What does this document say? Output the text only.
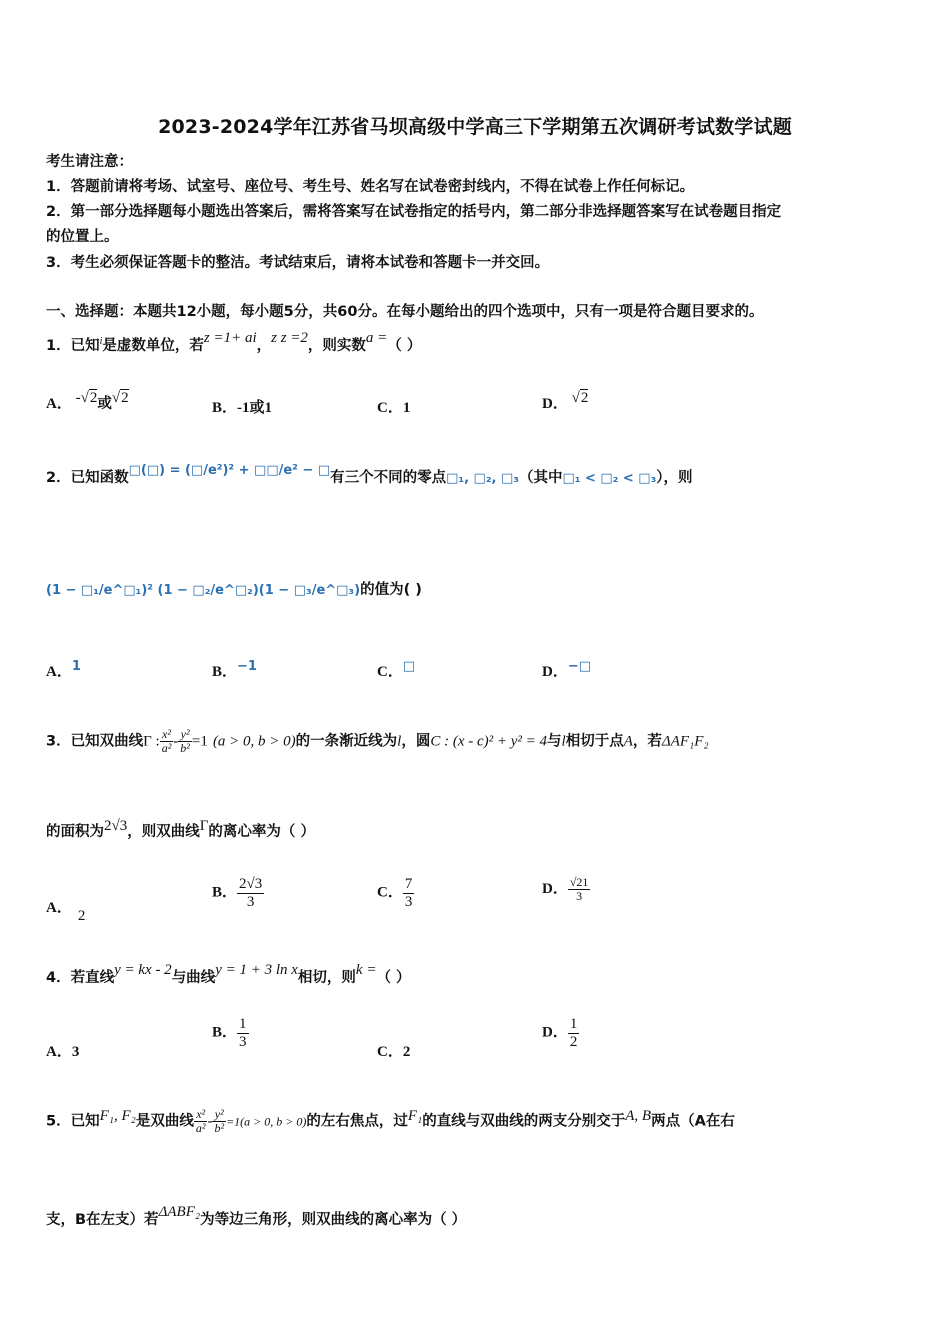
2023-2024学年江苏省马坝高级中学高三下学期第五次调研考试数学试题
考生请注意：
1．答题前请将考场、试室号、座位号、考生号、姓名写在试卷密封线内，不得在试卷上作任何标记。
2．第一部分选择题每小题选出答案后，需将答案写在试卷指定的括号内，第二部分非选择题答案写在试卷题目指定
的位置上。
3．考生必须保证答题卡的整洁。考试结束后，请将本试卷和答题卡一并交回。
一、选择题：本题共12小题，每小题5分，共60分。在每小题给出的四个选项中，只有一项是符合题目要求的。
1．已知$^i$是虚数单位，若z =1+ ai，z z =2，则实数a =（ ）
A． -√2或√2
B．-1或1	C．1	D． √2
2．已知函数□(□) = (□/e²)² + □□/e² − □有三个不同的零点□₁, □₂, □₃（其中□₁ < □₂ < □₃），则
(1 − □₁/e^□₁)² (1 − □₂/e^□₂)(1 − □₃/e^□₃)的值为( )
A．1	B．−1	C．□	D．−□
3．已知双曲线Γ : $\frac{\text{x²}}{\text{a²}} - \frac{\text{y²}}{\text{b²}} =1$ (a > 0, b > 0)的一条渐近线为l，圆C : (x - c)² + y² = 4与l相切于点A，若ΔAF₁F₂
的面积为2√3，则双曲线Γ的离心率为（ ）
A． 2
B． $\frac{2√3}{3}$	C． $\frac{7}{3}$	D． $\frac{√21}{3}$
4．若直线y = kx - 2与曲线y = 1 + 3 ln x相切，则k =（ ）
A．3
B． $\frac{1}{3}$
C．2
D． $\frac{1}{2}$
5．已知F₁, F₂是双曲线 $\frac{\text{x²}}{\text{a²}} - \frac{\text{y²}}{\text{b²}} =1(a > 0$, b > 0)的左右焦点，过F₁的直线与双曲线的两支分别交于A, B两点（A在右
支，B在左支）若ΔABF₂为等边三角形，则双曲线的离心率为（ ）
